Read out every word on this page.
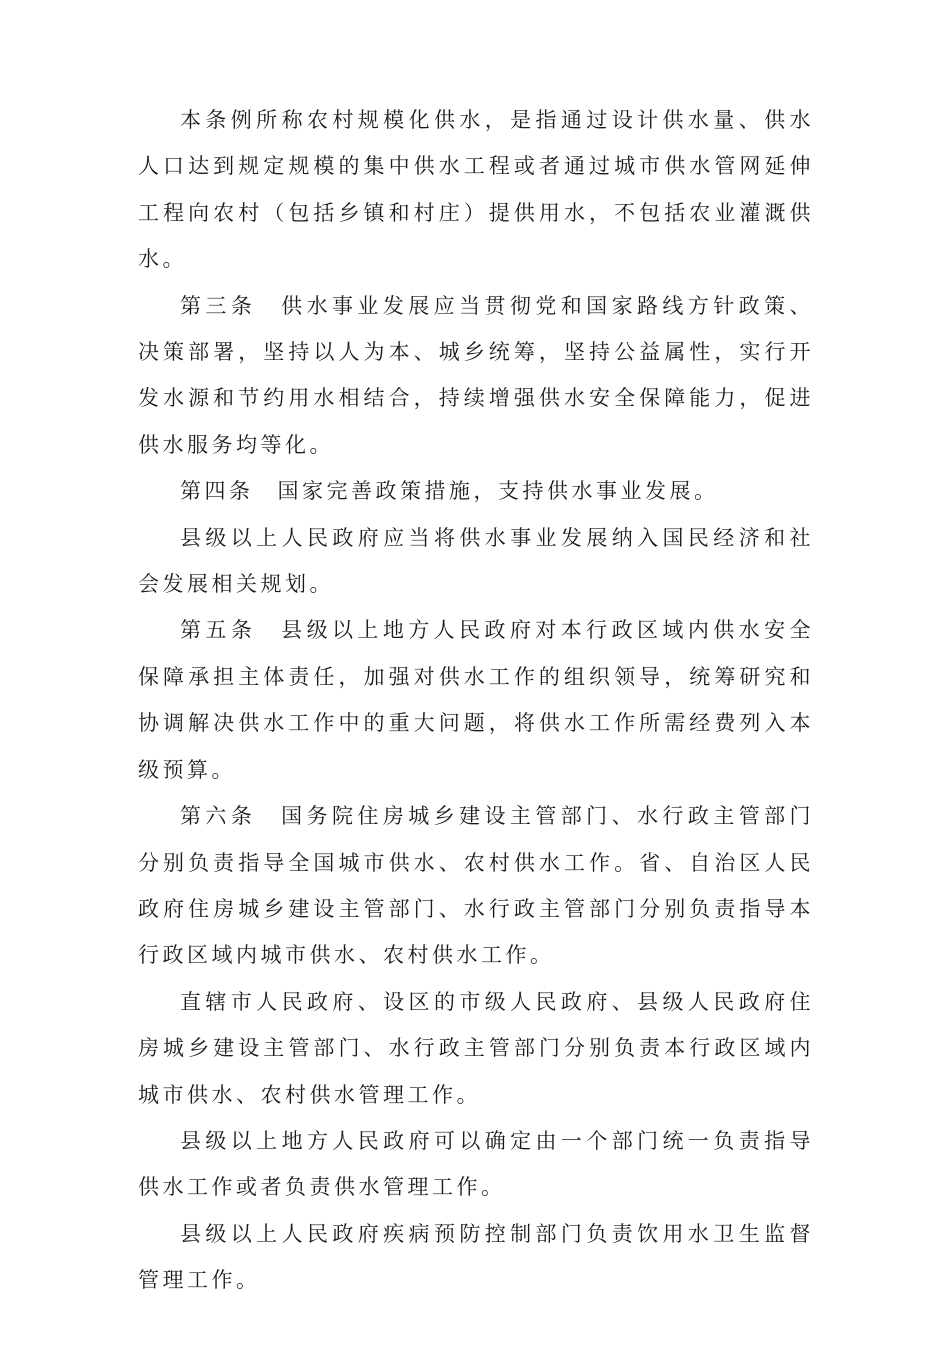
本条例所称农村规模化供水，是指通过设计供水量、供水人口达到规定规模的集中供水工程或者通过城市供水管网延伸工程向农村（包括乡镇和村庄）提供用水，不包括农业灌溉供水。

第三条 供水事业发展应当贯彻党和国家路线方针政策、决策部署，坚持以人为本、城乡统筹，坚持公益属性，实行开发水源和节约用水相结合，持续增强供水安全保障能力，促进供水服务均等化。

第四条 国家完善政策措施，支持供水事业发展。

县级以上人民政府应当将供水事业发展纳入国民经济和社会发展相关规划。

第五条 县级以上地方人民政府对本行政区域内供水安全保障承担主体责任，加强对供水工作的组织领导，统筹研究和协调解决供水工作中的重大问题，将供水工作所需经费列入本级预算。

第六条 国务院住房城乡建设主管部门、水行政主管部门分别负责指导全国城市供水、农村供水工作。省、自治区人民政府住房城乡建设主管部门、水行政主管部门分别负责指导本行政区域内城市供水、农村供水工作。

直辖市人民政府、设区的市级人民政府、县级人民政府住房城乡建设主管部门、水行政主管部门分别负责本行政区域内城市供水、农村供水管理工作。

县级以上地方人民政府可以确定由一个部门统一负责指导供水工作或者负责供水管理工作。

县级以上人民政府疾病预防控制部门负责饮用水卫生监督管理工作。
